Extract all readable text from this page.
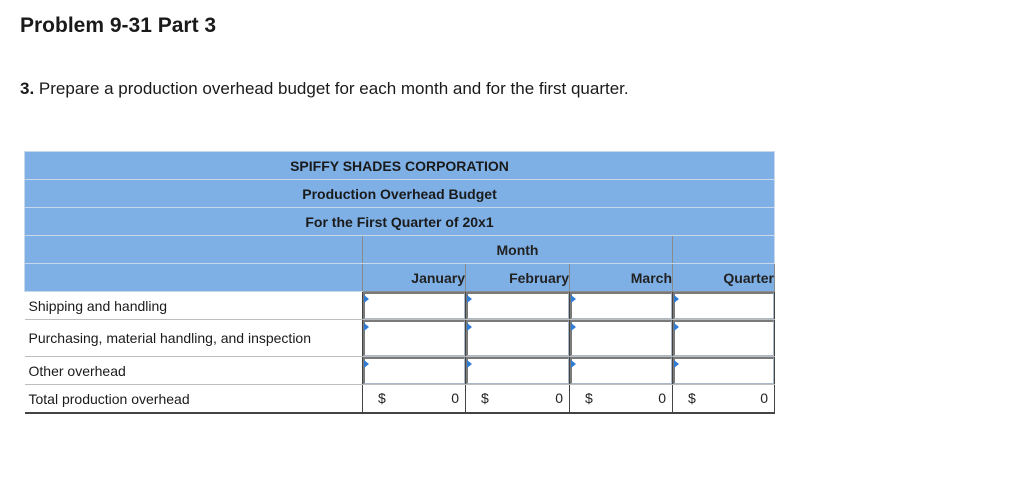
Problem 9-31 Part 3
3. Prepare a production overhead budget for each month and for the first quarter.
SPIFFY SHADES CORPORATION				
Production Overhead Budget				
For the First Quarter of 20x1				
	Month			
	January	February	March	Quarter
Shipping and handling	

Purchasing, material handling, and inspection	

Other overhead	

Total production overhead	$ 0	$ 0	$ 0	$ 0
